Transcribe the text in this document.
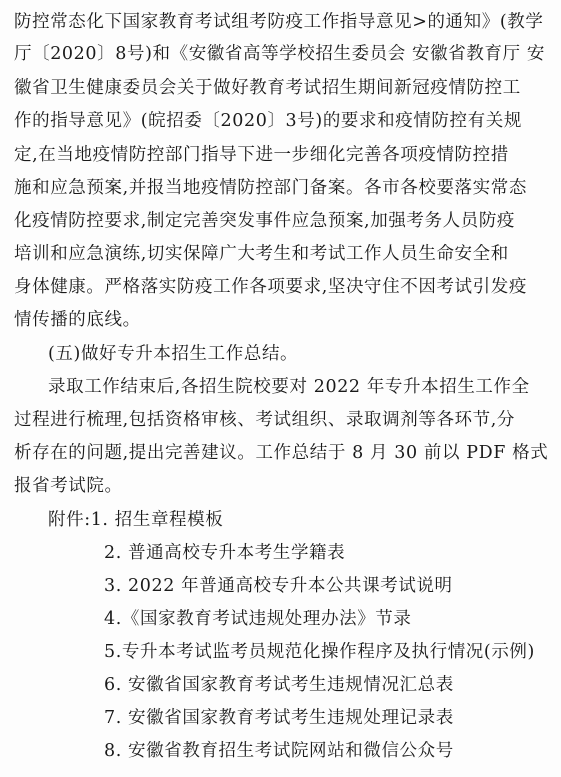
防控常态化下国家教育考试组考防疫工作指导意见>的通知》(教学
厅〔2020〕8号)和《安徽省高等学校招生委员会 安徽省教育厅 安
徽省卫生健康委员会关于做好教育考试招生期间新冠疫情防控工
作的指导意见》(皖招委〔2020〕3号)的要求和疫情防控有关规
定,在当地疫情防控部门指导下进一步细化完善各项疫情防控措
施和应急预案,并报当地疫情防控部门备案。各市各校要落实常态
化疫情防控要求,制定完善突发事件应急预案,加强考务人员防疫
培训和应急演练,切实保障广大考生和考试工作人员生命安全和
身体健康。严格落实防疫工作各项要求,坚决守住不因考试引发疫
情传播的底线。
(五)做好专升本招生工作总结。
录取工作结束后,各招生院校要对 2022 年专升本招生工作全
过程进行梳理,包括资格审核、考试组织、录取调剂等各环节,分
析存在的问题,提出完善建议。工作总结于 8 月 30 前以 PDF 格式
报省考试院。
附件:1. 招生章程模板
2. 普通高校专升本考生学籍表
3. 2022 年普通高校专升本公共课考试说明
4.《国家教育考试违规处理办法》节录
5.专升本考试监考员规范化操作程序及执行情况(示例)
6. 安徽省国家教育考试考生违规情况汇总表
7. 安徽省国家教育考试考生违规处理记录表
8. 安徽省教育招生考试院网站和微信公众号
